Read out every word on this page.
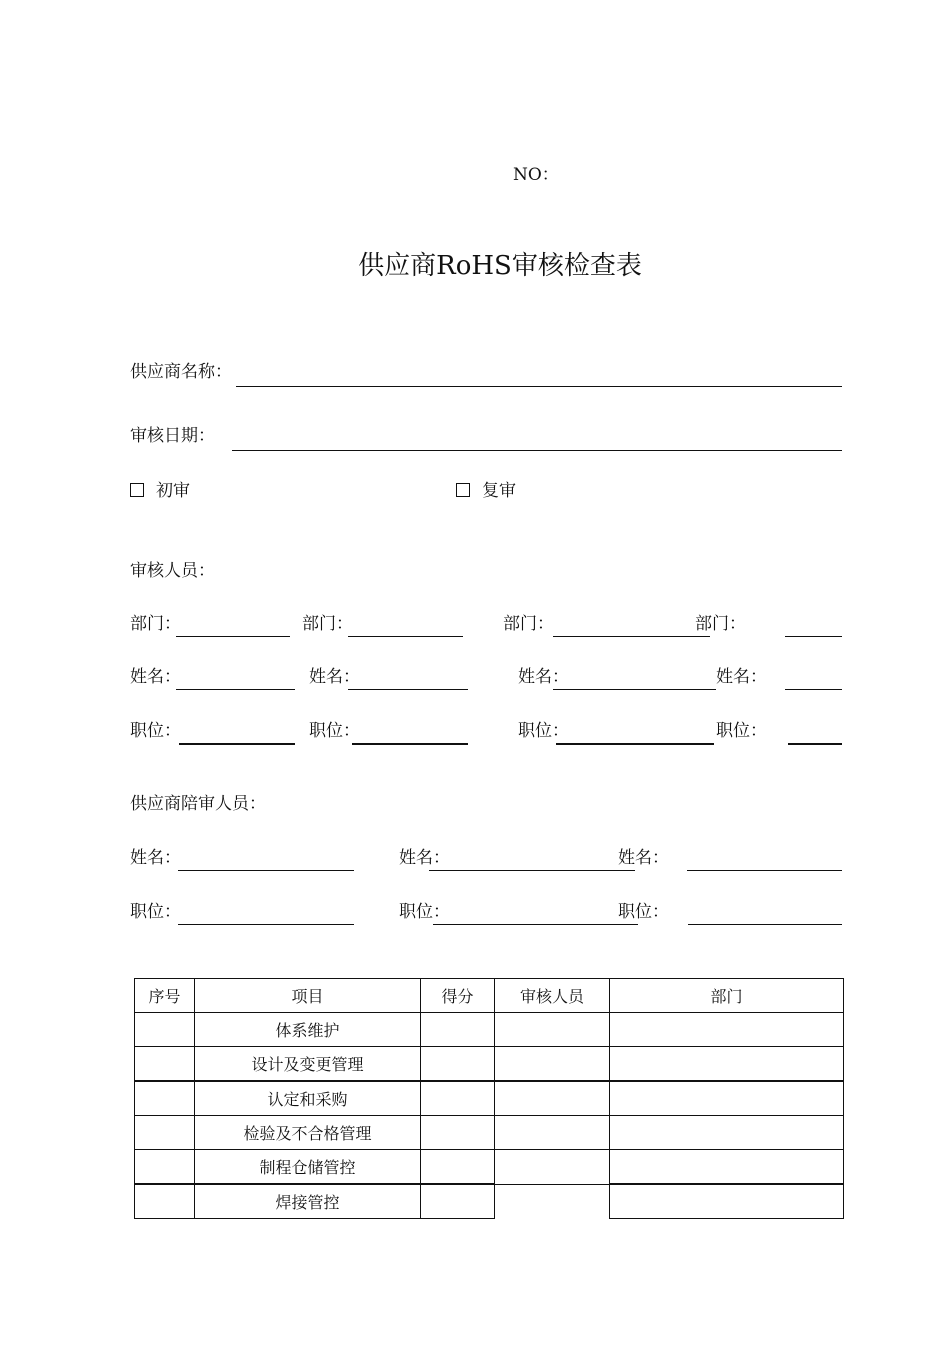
NO：
供应商RoHS审核检查表
供应商名称：
审核日期：
初审	复审
审核人员：
部门：	部门：	部门：	部门：
姓名：	姓名：	姓名：	姓名：
职位：	职位：	职位：	职位：
供应商陪审人员：
姓名：	姓名：	姓名：
职位：	职位：	职位：
序号	项目	得分	审核人员	部门
	体系维护			
	设计及变更管理			
	认定和采购			
	检验及不合格管理			
	制程仓储管控			
	焊接管控			
